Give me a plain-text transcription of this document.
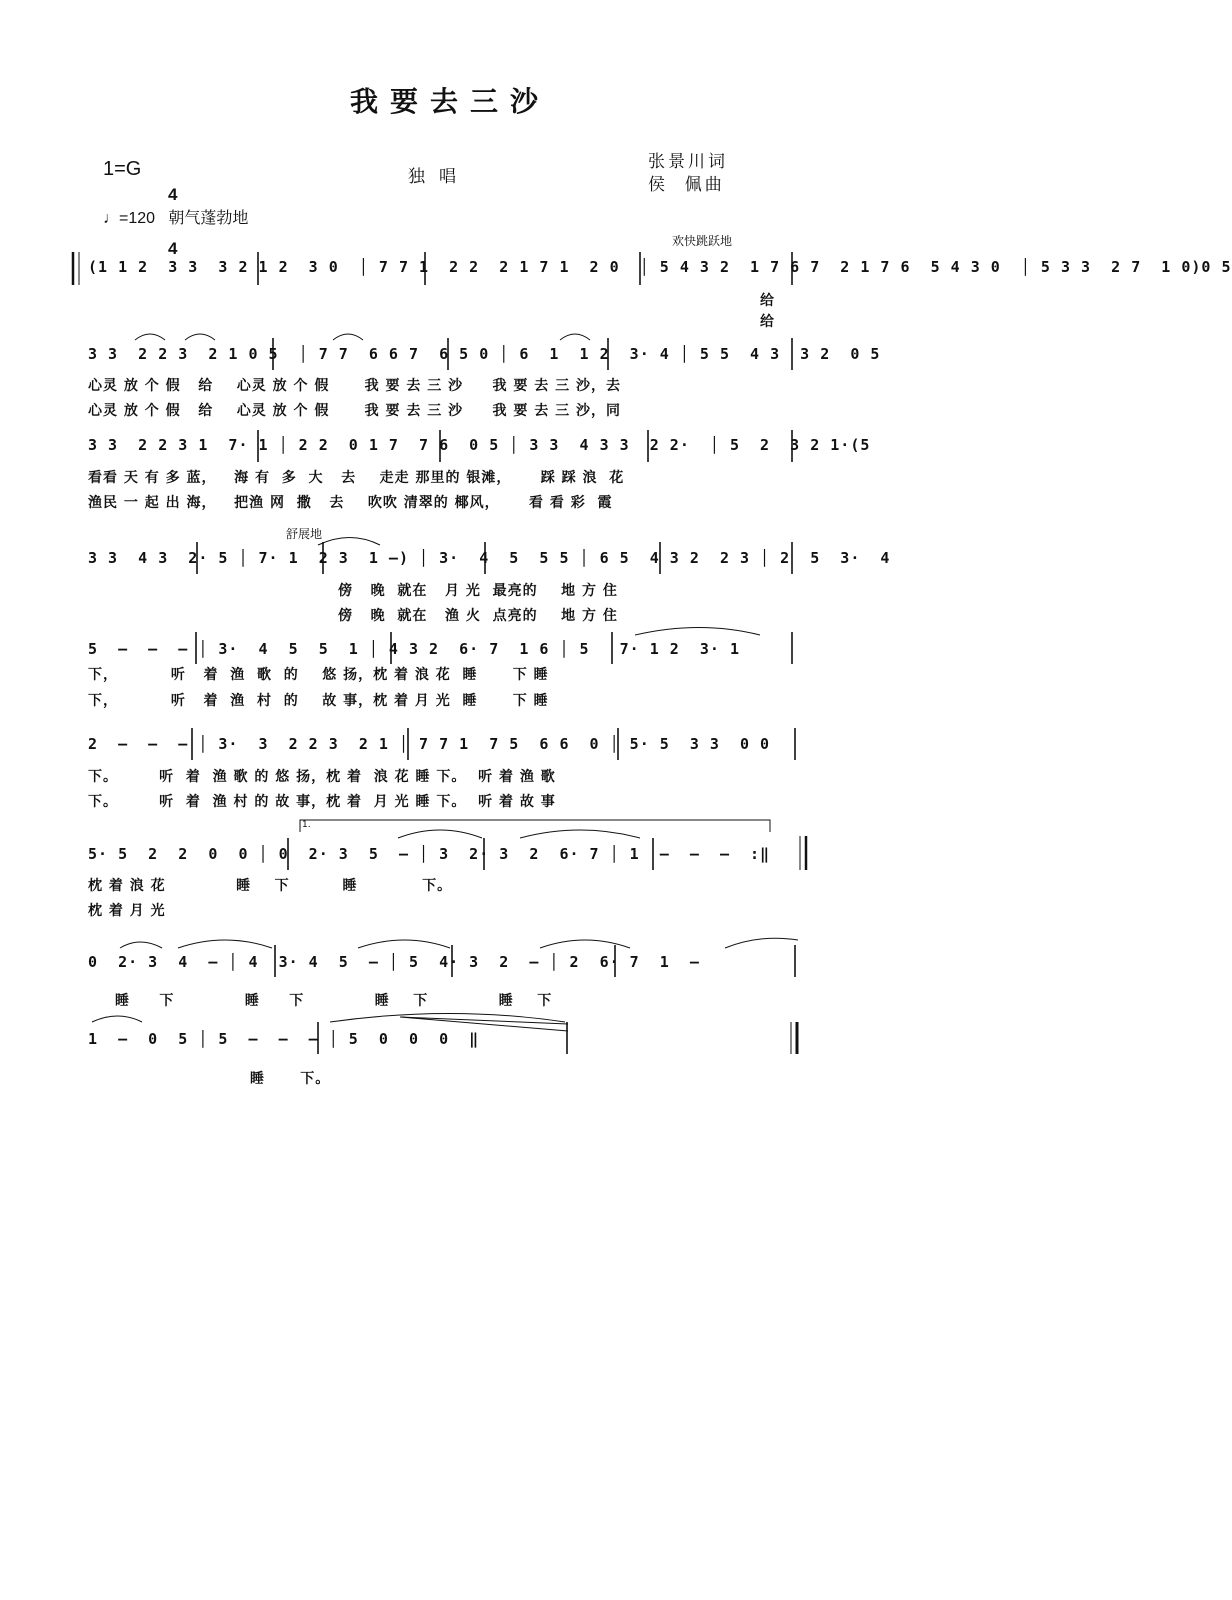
我要去三沙
1=G

4

4

独唱
张景川词
侯  佩曲
♩=120   朝气蓬勃地
欢快跳跃地
舒展地
1.
(1 1 2  3 3  3 2 1 2  3 0  │ 7 7 1  2 2  2 1 7 1  2 0  │ 5 4 3 2  1 7 6 7  2 1 7 6  5 4 3 0  │ 5 3 3  2 7  1 0)0 5
给
给
3 3  2 2 3  2 1 0 5  │ 7 7  6 6 7  6 5 0 │ 6  1  1 2  3· 4 │ 5 5  4 3  3 2  0 5
心灵 放 个 假   给    心灵 放 个 假      我 要 去 三 沙     我 要 去 三 沙，去
心灵 放 个 假   给    心灵 放 个 假      我 要 去 三 沙     我 要 去 三 沙，同
3 3  2 2 3 1  7· 1 │ 2 2  0 1 7  7 6  0 5 │ 3 3  4 3 3  2 2·  │ 5  2  3 2 1·(5
看看 天 有 多 蓝，   海 有  多  大   去    走走 那里的 银滩，     踩 踩 浪  花
渔民 一 起 出 海，   把渔 网  撒   去    吹吹 清翠的 椰风，     看 看 彩  霞
3 3  4 3  2· 5 │ 7· 1  2 3  1 –) │ 3·  4  5  5 5 │ 6 5  4 3 2  2 3 │ 2  5  3·  4
傍   晚  就在   月 光  最亮的    地 方 住
傍   晚  就在   渔 火  点亮的    地 方 住
5  –  –  – │ 3·  4  5  5  1 │ 4 3 2  6· 7  1 6 │ 5   7· 1 2  3· 1
下，         听   着  渔  歌  的    悠 扬，枕 着 浪 花  睡      下 睡
下，         听   着  渔  村  的    故 事，枕 着 月 光  睡      下 睡
2  –  –  – │ 3·  3  2 2 3  2 1 │ 7 7 1  7 5  6 6  0 │ 5· 5  3 3  0 0
下。       听  着  渔 歌 的 悠 扬，枕 着  浪 花 睡 下。  听 着 渔 歌
下。       听  着  渔 村 的 故 事，枕 着  月 光 睡 下。  听 着 故 事
5· 5  2  2  0  0 │ 0  2· 3  5  – │ 3  2· 3  2  6· 7 │ 1  –  –  –  :‖
枕 着 浪 花            睡    下         睡           下。
枕 着 月 光
0  2· 3  4  – │ 4  3· 4  5  – │ 5  4· 3  2  – │ 2  6· 7  1  –
睡     下            睡     下            睡    下            睡    下
1  –  0  5 │ 5  –  –  – │ 5  0  0  0  ‖
睡      下。
